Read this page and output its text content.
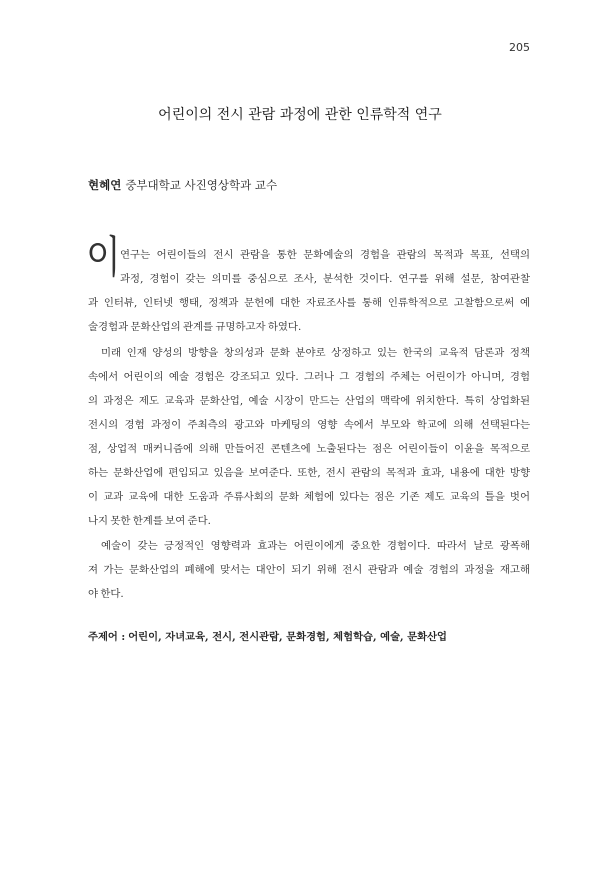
205
어린이의 전시 관람 과정에 관한 인류학적 연구
현혜연 중부대학교 사진영상학과 교수
이 연구는 어린이들의 전시 관람을 통한 문화예술의 경험을 관람의 목적과 목표, 선택의
과정, 경험이 갖는 의미를 중심으로 조사, 분석한 것이다. 연구를 위해 설문, 참여관찰
과 인터뷰, 인터넷 행태, 정책과 문헌에 대한 자료조사를 통해 인류학적으로 고찰함으로써 예
술경험과 문화산업의 관계를 규명하고자 하였다.
미래 인재 양성의 방향을 창의성과 문화 분야로 상정하고 있는 한국의 교육적 담론과 정책
속에서 어린이의 예술 경험은 강조되고 있다. 그러나 그 경험의 주체는 어린이가 아니며, 경험
의 과정은 제도 교육과 문화산업, 예술 시장이 만드는 산업의 맥락에 위치한다. 특히 상업화된
전시의 경험 과정이 주최측의 광고와 마케팅의 영향 속에서 부모와 학교에 의해 선택된다는
점, 상업적 매커니즘에 의해 만들어진 콘텐츠에 노출된다는 점은 어린이들이 이윤을 목적으로
하는 문화산업에 편입되고 있음을 보여준다. 또한, 전시 관람의 목적과 효과, 내용에 대한 방향
이 교과 교육에 대한 도움과 주류사회의 문화 체험에 있다는 점은 기존 제도 교육의 틀을 벗어
나지 못한 한계를 보여 준다.
예술이 갖는 긍정적인 영향력과 효과는 어린이에게 중요한 경험이다. 따라서 날로 광폭해
져 가는 문화산업의 폐해에 맞서는 대안이 되기 위해 전시 관람과 예술 경험의 과정을 재고해
야 한다.
주제어 : 어린이, 자녀교육, 전시, 전시관람, 문화경험, 체험학습, 예술, 문화산업
